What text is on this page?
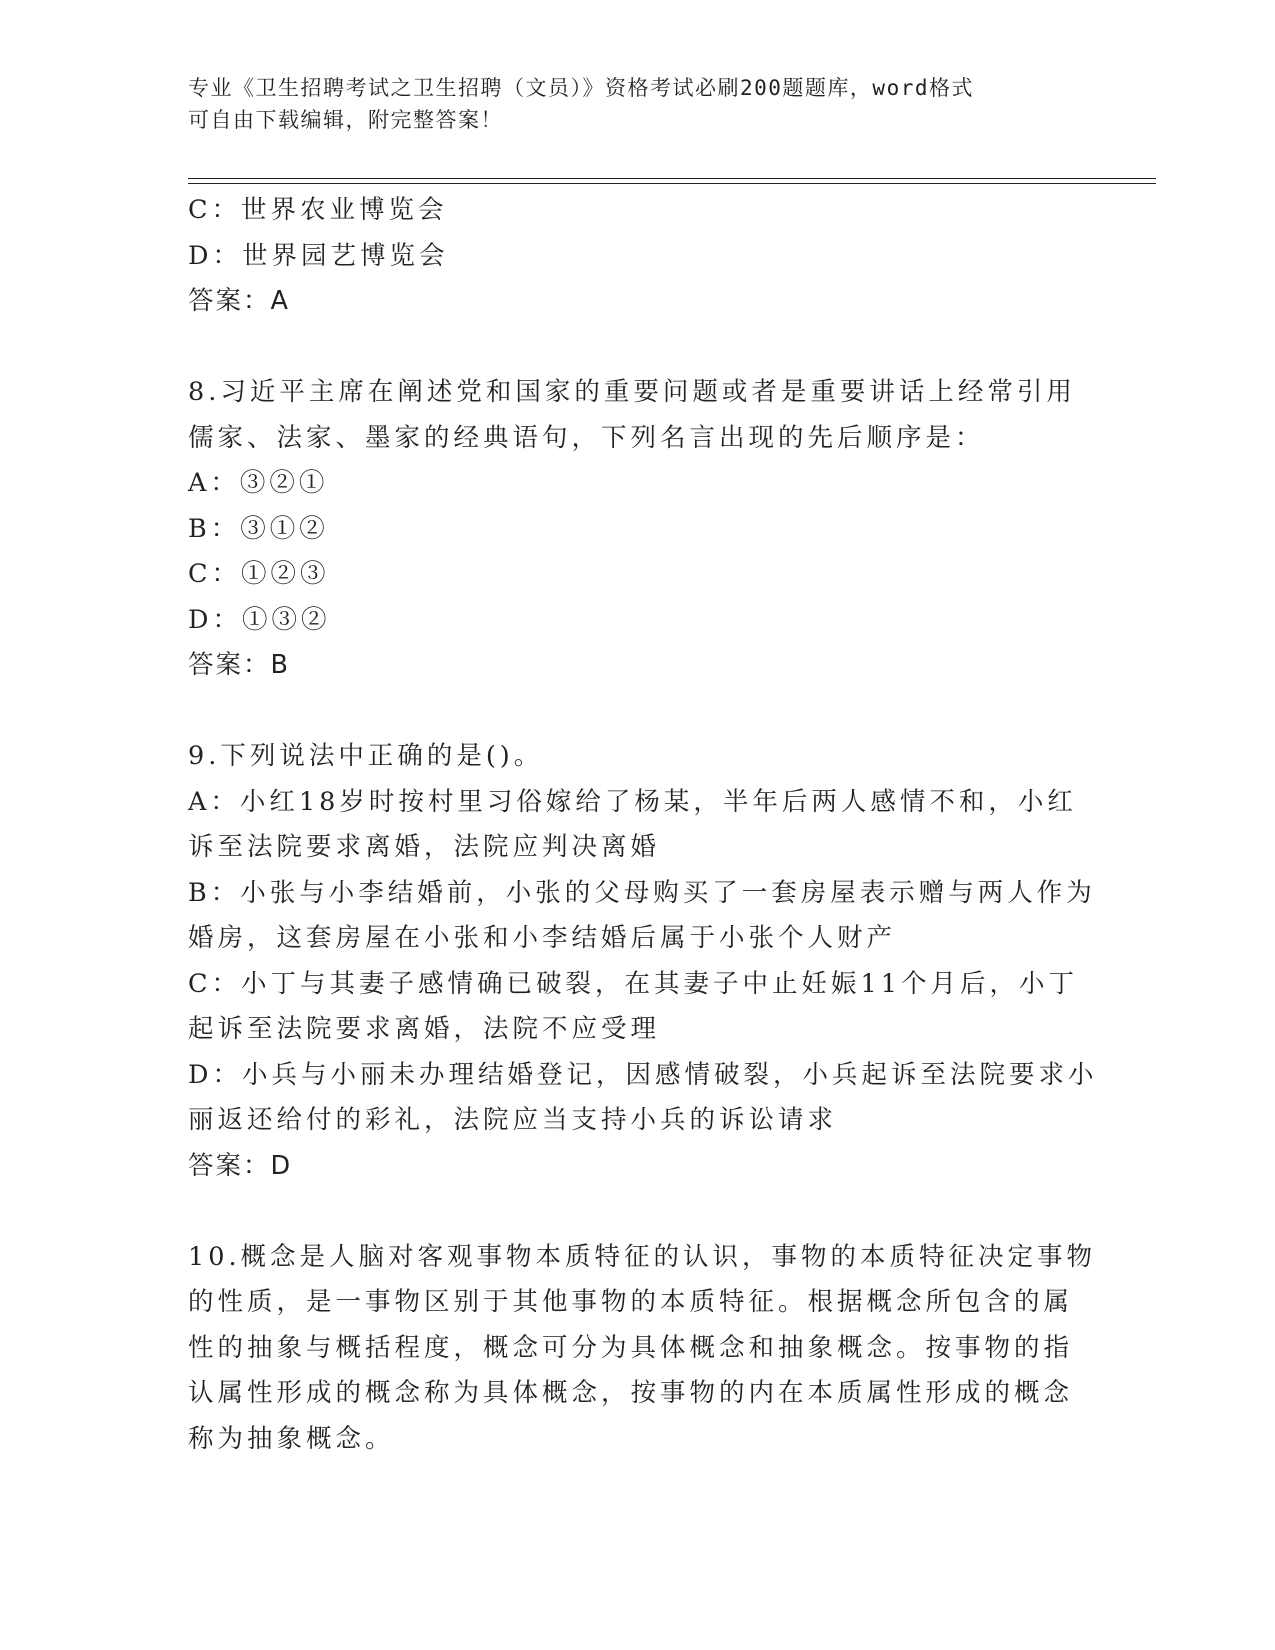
专业《卫生招聘考试之卫生招聘（文员）》资格考试必刷200题题库，word格式
可自由下载编辑，附完整答案！
C：世界农业博览会
D：世界园艺博览会
答案：A
8.习近平主席在阐述党和国家的重要问题或者是重要讲话上经常引用
儒家、法家、墨家的经典语句，下列名言出现的先后顺序是：
A：③②①
B：③①②
C：①②③
D：①③②
答案：B
9.下列说法中正确的是()。
A：小红18岁时按村里习俗嫁给了杨某，半年后两人感情不和，小红
诉至法院要求离婚，法院应判决离婚
B：小张与小李结婚前，小张的父母购买了一套房屋表示赠与两人作为
婚房，这套房屋在小张和小李结婚后属于小张个人财产
C：小丁与其妻子感情确已破裂，在其妻子中止妊娠11个月后，小丁
起诉至法院要求离婚，法院不应受理
D：小兵与小丽未办理结婚登记，因感情破裂，小兵起诉至法院要求小
丽返还给付的彩礼，法院应当支持小兵的诉讼请求
答案：D
10.概念是人脑对客观事物本质特征的认识，事物的本质特征决定事物
的性质，是一事物区别于其他事物的本质特征。根据概念所包含的属
性的抽象与概括程度，概念可分为具体概念和抽象概念。按事物的指
认属性形成的概念称为具体概念，按事物的内在本质属性形成的概念
称为抽象概念。
